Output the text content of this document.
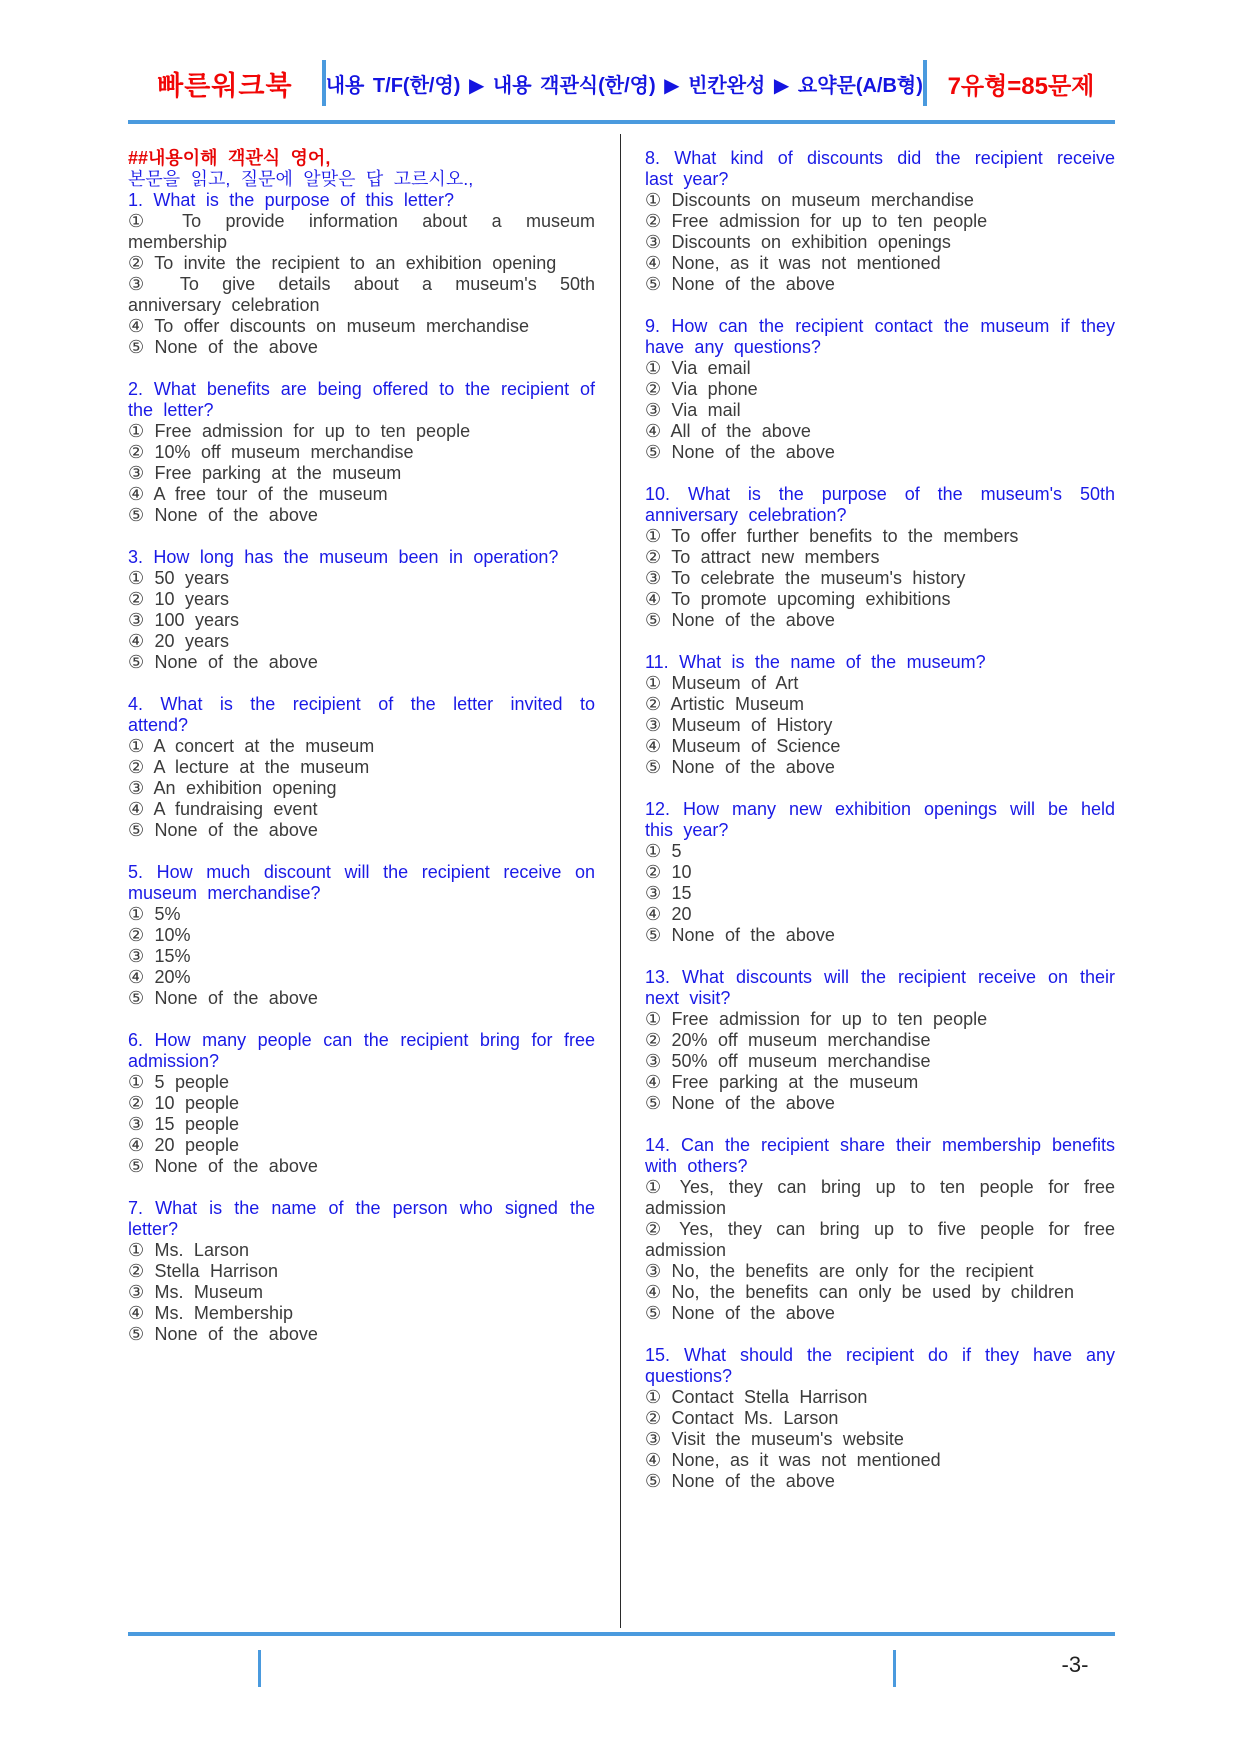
빠른워크북	내용 T/F(한/영) ▶ 내용 객관식(한/영) ▶ 빈칸완성 ▶ 요약문(A/B형)	7유형=85문제
##내용이해 객관식 영어,
본문을 읽고, 질문에 알맞은 답 고르시오.,
1. What is the purpose of this letter?
① To provide information about a museum membership
② To invite the recipient to an exhibition opening
③ To give details about a museum's 50th anniversary celebration
④ To offer discounts on museum merchandise
⑤ None of the above
2. What benefits are being offered to the recipient of the letter?
① Free admission for up to ten people
② 10% off museum merchandise
③ Free parking at the museum
④ A free tour of the museum
⑤ None of the above
3. How long has the museum been in operation?
① 50 years
② 10 years
③ 100 years
④ 20 years
⑤ None of the above
4. What is the recipient of the letter invited to attend?
① A concert at the museum
② A lecture at the museum
③ An exhibition opening
④ A fundraising event
⑤ None of the above
5. How much discount will the recipient receive on museum merchandise?
① 5%
② 10%
③ 15%
④ 20%
⑤ None of the above
6. How many people can the recipient bring for free admission?
① 5 people
② 10 people
③ 15 people
④ 20 people
⑤ None of the above
7. What is the name of the person who signed the letter?
① Ms. Larson
② Stella Harrison
③ Ms. Museum
④ Ms. Membership
⑤ None of the above
8. What kind of discounts did the recipient receive last year?
① Discounts on museum merchandise
② Free admission for up to ten people
③ Discounts on exhibition openings
④ None, as it was not mentioned
⑤ None of the above
9. How can the recipient contact the museum if they have any questions?
① Via email
② Via phone
③ Via mail
④ All of the above
⑤ None of the above
10. What is the purpose of the museum's 50th anniversary celebration?
① To offer further benefits to the members
② To attract new members
③ To celebrate the museum's history
④ To promote upcoming exhibitions
⑤ None of the above
11. What is the name of the museum?
① Museum of Art
② Artistic Museum
③ Museum of History
④ Museum of Science
⑤ None of the above
12. How many new exhibition openings will be held this year?
① 5
② 10
③ 15
④ 20
⑤ None of the above
13. What discounts will the recipient receive on their next visit?
① Free admission for up to ten people
② 20% off museum merchandise
③ 50% off museum merchandise
④ Free parking at the museum
⑤ None of the above
14. Can the recipient share their membership benefits with others?
① Yes, they can bring up to ten people for free admission
② Yes, they can bring up to five people for free admission
③ No, the benefits are only for the recipient
④ No, the benefits can only be used by children
⑤ None of the above
15. What should the recipient do if they have any questions?
① Contact Stella Harrison
② Contact Ms. Larson
③ Visit the museum's website
④ None, as it was not mentioned
⑤ None of the above
-3-
